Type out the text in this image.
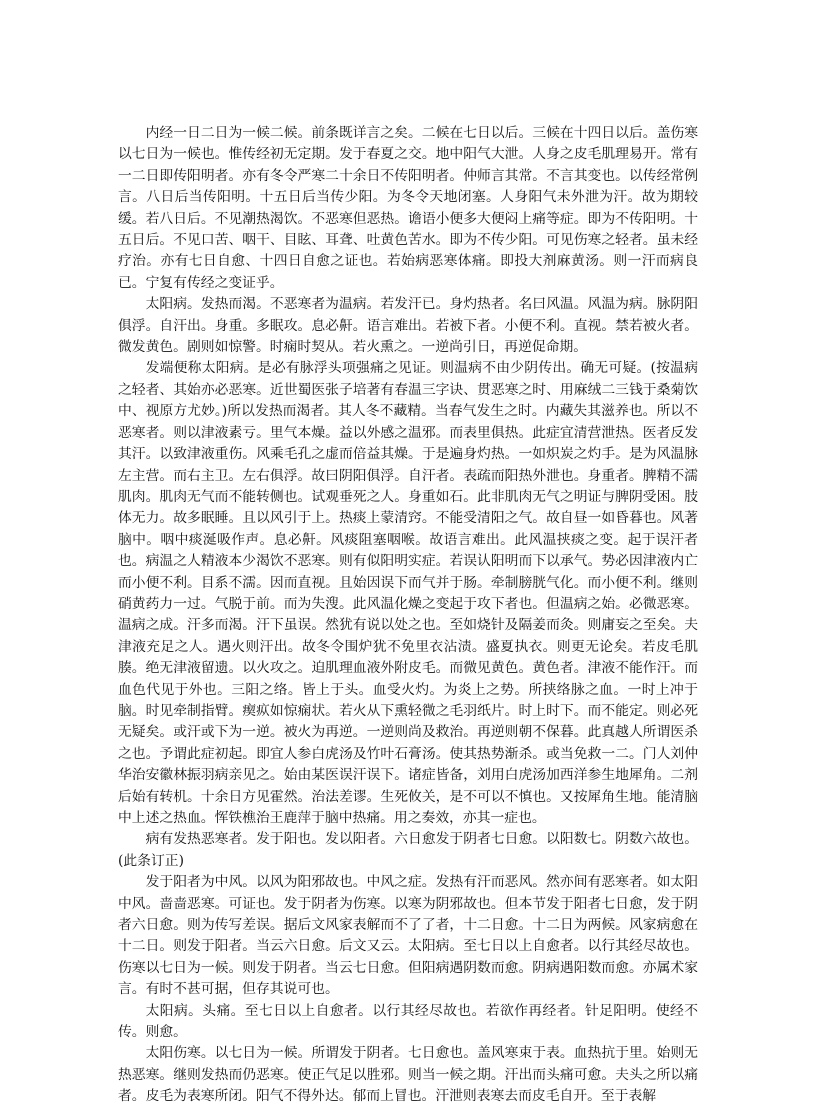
内经一日二日为一候二候。前条既详言之矣。二候在七日以后。三候在十四日以后。盖伤寒以七日为一候也。惟传经初无定期。发于春夏之交。地中阳气大泄。人身之皮毛肌理易开。常有一二日即传阳明者。亦有冬令严寒二十余日不传阳明者。仲师言其常。不言其变也。以传经常例言。八日后当传阳明。十五日后当传少阳。为冬令天地闭塞。人身阳气未外泄为汗。故为期较缓。若八日后。不见潮热渴饮。不恶寒但恶热。谵语小便多大便闷上痛等症。即为不传阳明。十五日后。不见口苦、咽干、目眩、耳聋、吐黄色苦水。即为不传少阳。可见伤寒之轻者。虽未经疗治。亦有七日自愈、十四日自愈之证也。若始病恶寒体痛。即投大剂麻黄汤。则一汗而病良已。宁复有传经之变证乎。

太阳病。发热而渴。不恶寒者为温病。若发汗已。身灼热者。名曰风温。风温为病。脉阴阳俱浮。自汗出。身重。多眠攻。息必鼾。语言难出。若被下者。小便不利。直视。禁若被火者。微发黄色。剧则如惊警。时痫时契从。若火熏之。一逆尚引日，再逆促命期。

发端便称太阳病。是必有脉浮头项强痛之见证。则温病不由少阴传出。确无可疑。(按温病之轻者、其始亦必恶寒。近世蜀医张子培著有春温三字诀、贯恶寒之时、用麻绒二三钱于桑菊饮中、视原方尤妙。)所以发热而渴者。其人冬不藏精。当春气发生之时。内藏失其滋养也。所以不恶寒者。则以津液素亏。里气本燥。益以外感之温邪。而表里俱热。此症宜清营泄热。医者反发其汗。以致津液重伤。风乘毛孔之虚而倍益其燥。于是遍身灼热。一如炽炭之灼手。是为风温脉左主营。而右主卫。左右俱浮。故曰阴阳俱浮。自汗者。表疏而阳热外泄也。身重者。脾精不濡肌肉。肌肉无气而不能转侧也。试观垂死之人。身重如石。此非肌肉无气之明证与脾阴受困。肢体无力。故多眠睡。且以风引于上。热痰上蒙清窍。不能受清阳之气。故自昼一如昏暮也。风著脑中。咽中痰涎吸作声。息必鼾。风痰阻塞咽喉。故语言难出。此风温挟痰之变。起于误汗者也。病温之人精液本少渴饮不恶寒。则有似阳明实症。若误认阳明而下以承气。势必因津液内亡而小便不利。目系不濡。因而直视。且始因误下而气并于肠。牵制膀胱气化。而小便不利。继则硝黄药力一过。气脱于前。而为失溲。此风温化燥之变起于攻下者也。但温病之始。必微恶寒。温病之成。汗多而渴。汗下虽误。然犹有说以处之也。至如烧针及隔姜而灸。则庸妄之至矣。夫津液充足之人。遇火则汗出。故冬令围炉犹不免里衣沾渍。盛夏执衣。则更无论矣。若皮毛肌腠。绝无津液留遗。以火攻之。迫肌理血液外附皮毛。而微见黄色。黄色者。津液不能作汗。而血色代见于外也。三阳之络。皆上于头。血受火灼。为炎上之势。所挟络脉之血。一时上冲于脑。时见牵制指臂。瘈疭如惊痫状。若火从下熏轻微之毛羽纸片。时上时下。而不能定。则必死无疑矣。或汗或下为一逆。被火为再逆。一逆则尚及救治。再逆则朝不保暮。此真越人所谓医杀之也。予谓此症初起。即宜人参白虎汤及竹叶石膏汤。使其热势渐杀。或当免救一二。门人刘仲华治安徽林振羽病亲见之。始由某医误汗误下。诸症皆备，刘用白虎汤加西洋参生地犀角。二剂后始有转机。十余日方见霍然。治法差谬。生死攸关，是不可以不慎也。又按犀角生地。能清脑中上述之热血。恽铁樵治王鹿萍于脑中热痛。用之奏效，亦其一症也。

病有发热恶寒者。发于阳也。发以阳者。六日愈发于阴者七日愈。以阳数七。阴数六故也。(此条订正)

发于阳者为中风。以风为阳邪故也。中风之症。发热有汗而恶风。然亦间有恶寒者。如太阳中风。啬啬恶寒。可证也。发于阴者为伤寒。以寒为阴邪故也。但本节发于阳者七日愈，发于阴者六日愈。则为传写差误。据后文风家表解而不了了者，十二日愈。十二日为两候。风家病愈在十二日。则发于阳者。当云六日愈。后文又云。太阳病。至七日以上自愈者。以行其经尽故也。伤寒以七日为一候。则发于阴者。当云七日愈。但阳病遇阴数而愈。阴病遇阳数而愈。亦属术家言。有时不甚可据，但存其说可也。

太阳病。头痛。至七日以上自愈者。以行其经尽故也。若欲作再经者。针足阳明。使经不传。则愈。

太阳伤寒。以七日为一候。所谓发于阴者。七日愈也。盖风寒束于表。血热抗于里。始则无热恶寒。继则发热而仍恶寒。使正气足以胜邪。则当一候之期。汗出而头痛可愈。夫头之所以痛者。皮毛为表寒所闭。阳气不得外达。郁而上冒也。汗泄则表寒去而皮毛自开。至于表解
